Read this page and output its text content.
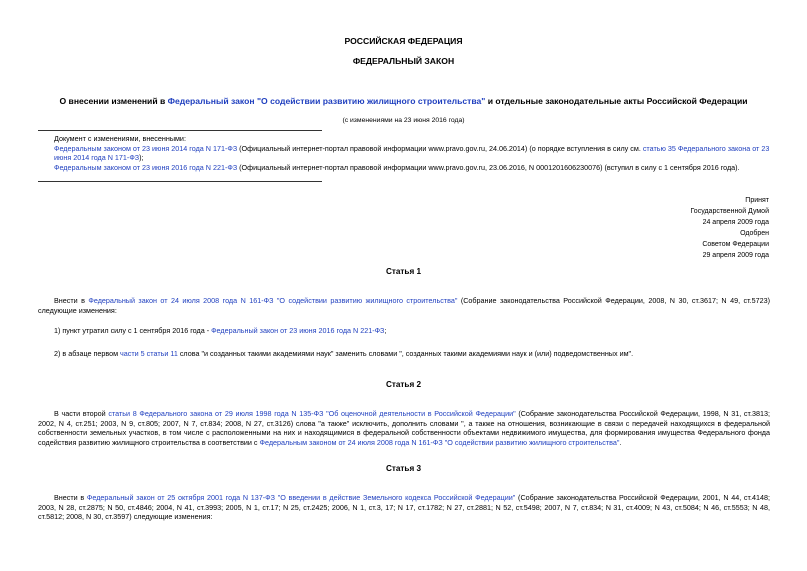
РОССИЙСКАЯ ФЕДЕРАЦИЯ
ФЕДЕРАЛЬНЫЙ ЗАКОН
О внесении изменений в Федеральный закон "О содействии развитию жилищного строительства" и отдельные законодательные акты Российской Федерации
(с изменениями на 23 июня 2016 года)
Документ с изменениями, внесенными:
Федеральным законом от 23 июня 2014 года N 171-ФЗ (Официальный интернет-портал правовой информации www.pravo.gov.ru, 24.06.2014) (о порядке вступления в силу см. статью 35 Федерального закона от 23 июня 2014 года N 171-ФЗ);
Федеральным законом от 23 июня 2016 года N 221-ФЗ (Официальный интернет-портал правовой информации www.pravo.gov.ru, 23.06.2016, N 0001201606230076) (вступил в силу с 1 сентября 2016 года).
Принят
Государственной Думой
24 апреля 2009 года
Одобрен
Советом Федерации
29 апреля 2009 года
Статья 1
Внести в Федеральный закон от 24 июля 2008 года N 161-ФЗ "О содействии развитию жилищного строительства" (Собрание законодательства Российской Федерации, 2008, N 30, ст.3617; N 49, ст.5723) следующие изменения:
1) пункт утратил силу с 1 сентября 2016 года - Федеральный закон от 23 июня 2016 года N 221-ФЗ;
2) в абзаце первом части 5 статьи 11 слова "и созданных такими академиями наук" заменить словами ", созданных такими академиями наук и (или) подведомственных им".
Статья 2
В части второй статьи 8 Федерального закона от 29 июля 1998 года N 135-ФЗ "Об оценочной деятельности в Российской Федерации" (Собрание законодательства Российской Федерации, 1998, N 31, ст.3813; 2002, N 4, ст.251; 2003, N 9, ст.805; 2007, N 7, ст.834; 2008, N 27, ст.3126) слова "а также" исключить, дополнить словами ", а также на отношения, возникающие в связи с передачей находящихся в федеральной собственности земельных участков, в том числе с расположенными на них и находящимися в федеральной собственности объектами недвижимого имущества, для формирования имущества Федерального фонда содействия развитию жилищного строительства в соответствии с Федеральным законом от 24 июля 2008 года N 161-ФЗ "О содействии развитию жилищного строительства".
Статья 3
Внести в Федеральный закон от 25 октября 2001 года N 137-ФЗ "О введении в действие Земельного кодекса Российской Федерации" (Собрание законодательства Российской Федерации, 2001, N 44, ст.4148; 2003, N 28, ст.2875; N 50, ст.4846; 2004, N 41, ст.3993; 2005, N 1, ст.17; N 25, ст.2425; 2006, N 1, ст.3, 17; N 17, ст.1782; N 27, ст.2881; N 52, ст.5498; 2007, N 7, ст.834; N 31, ст.4009; N 43, ст.5084; N 46, ст.5553; N 48, ст.5812; 2008, N 30, ст.3597) следующие изменения:
